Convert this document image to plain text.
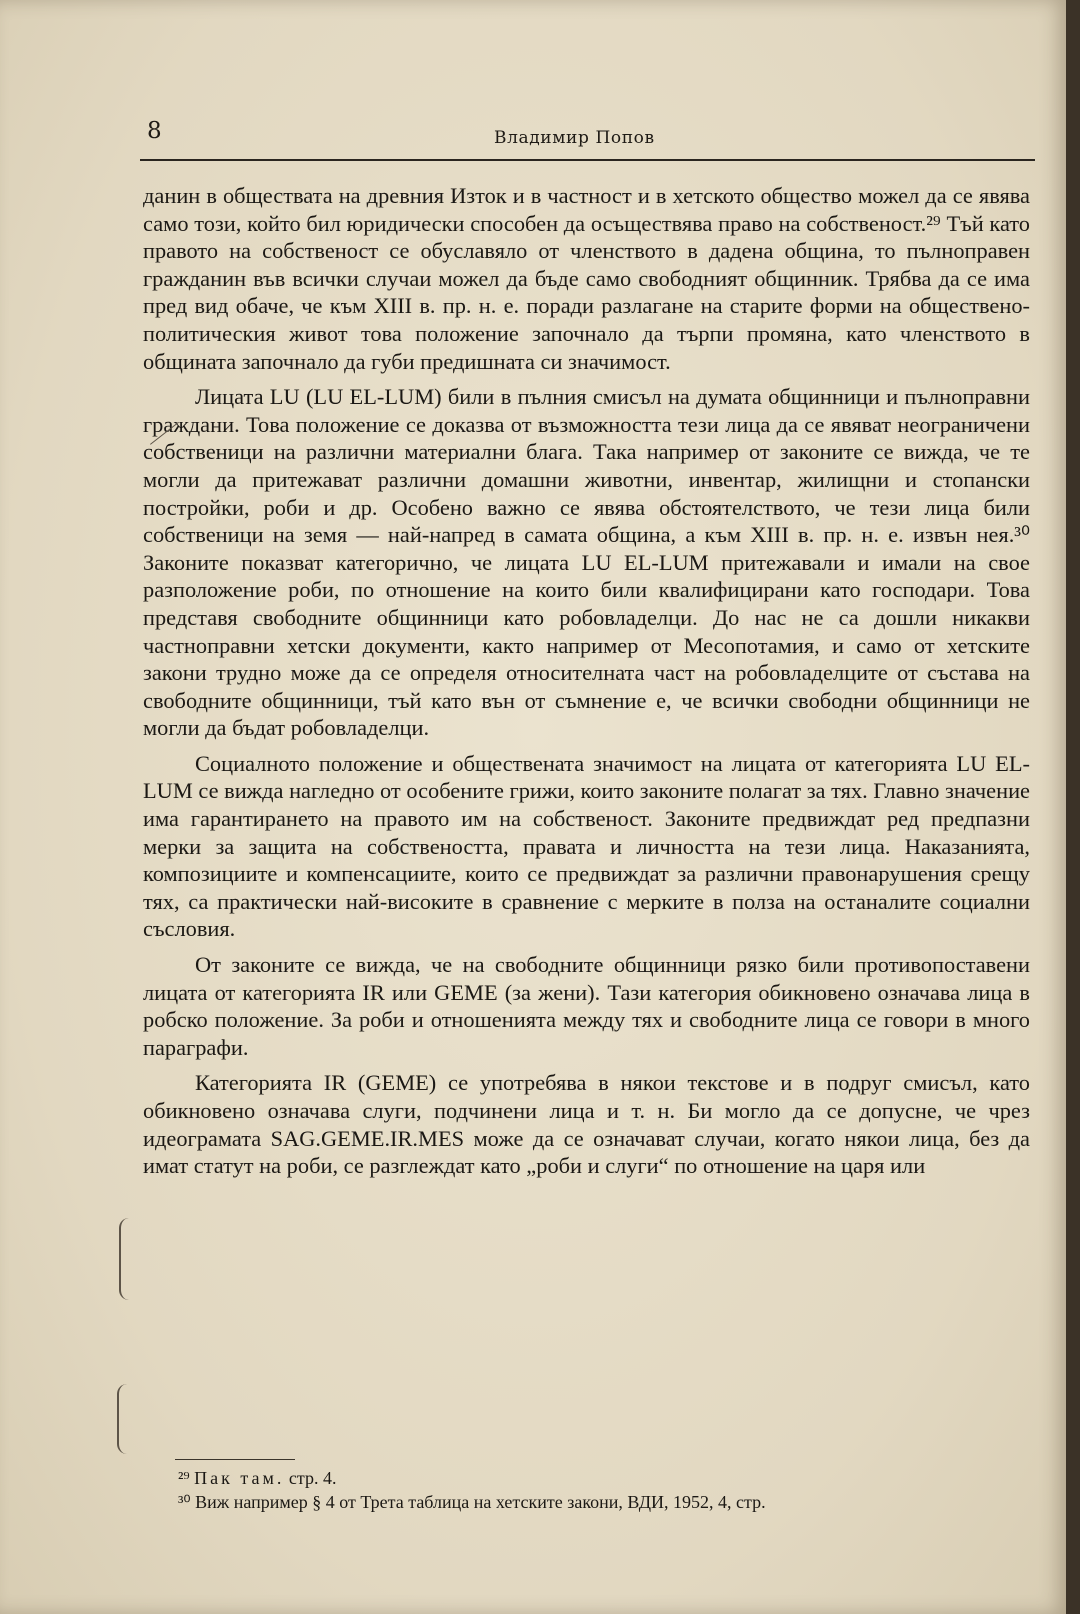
8	Владимир Попов

данин в обществата на древния Изток и в частност и в хетското общество можел да се явява само този, който бил юридически способен да осъществява право на собственост.²⁹ Тъй като правото на собственост се обуславяло от членството в дадена община, то пълноправен гражданин във всички случаи можел да бъде само свободният общинник. Трябва да се има пред вид обаче, че към XIII в. пр. н. е. поради разлагане на старите форми на обществено-политическия живот това положение започнало да търпи промяна, като членството в общината започнало да губи предишната си значимост.

Лицата LU (LU EL-LUM) били в пълния смисъл на думата общинници и пълноправни граждани. Това положение се доказва от възможността тези лица да се явяват неограничени собственици на различни материални блага. Така например от законите се вижда, че те могли да притежават различни домашни животни, инвентар, жилищни и стопански постройки, роби и др. Особено важно се явява обстоятелството, че тези лица били собственици на земя — най-напред в самата община, а към XIII в. пр. н. е. извън нея.³⁰ Законите показват категорично, че лицата LU EL-LUM притежавали и имали на свое разположение роби, по отношение на които били квалифицирани като господари. Това представя свободните общинници като робовладелци. До нас не са дошли никакви частноправни хетски документи, както например от Месопотамия, и само от хетските закони трудно може да се определя относителната част на робовладелците от състава на свободните общинници, тъй като вън от съмнение е, че всички свободни общинници не могли да бъдат робовладелци.

Социалното положение и обществената значимост на лицата от категорията LU EL-LUM се вижда нагледно от особените грижи, които законите полагат за тях. Главно значение има гарантирането на правото им на собственост. Законите предвиждат ред предпазни мерки за защита на собствеността, правата и личността на тези лица. Наказанията, композициите и компенсациите, които се предвиждат за различни правонарушения срещу тях, са практически най-високите в сравнение с мерките в полза на останалите социални съсловия.

От законите се вижда, че на свободните общинници рязко били противопоставени лицата от категорията IR или GEME (за жени). Тази категория обикновено означава лица в робско положение. За роби и отношенията между тях и свободните лица се говори в много параграфи.

Категорията IR (GEME) се употребява в някои текстове и в подруг смисъл, като обикновено означава слуги, подчинени лица и т. н. Би могло да се допусне, че чрез идеограмата SAG.GEME.IR.MES може да се означават случаи, когато някои лица, без да имат статут на роби, се разглеждат като „роби и слуги“ по отношение на царя или

²⁹ Пак там. стр. 4.
³⁰ Виж например § 4 от Трета таблица на хетските закони, ВДИ, 1952, 4, стр.
